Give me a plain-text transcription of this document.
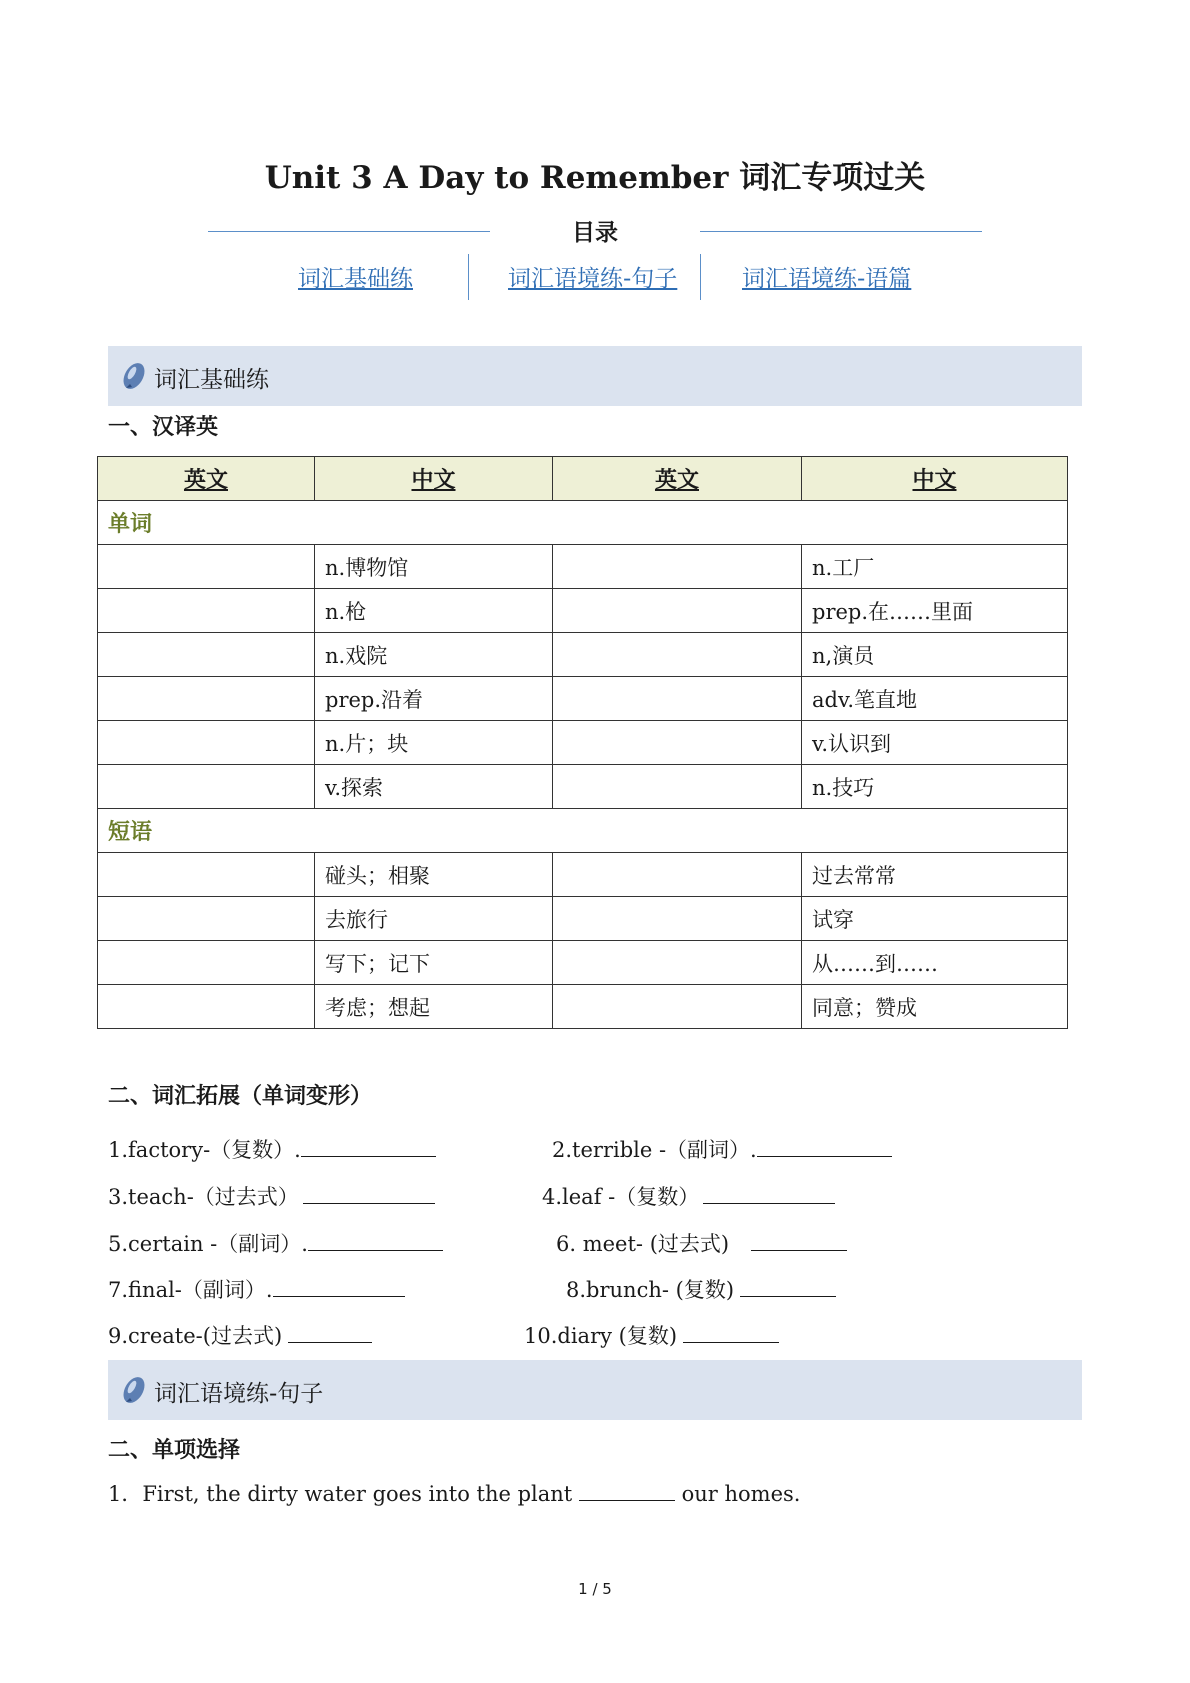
Unit 3 A Day to Remember 词汇专项过关
目录
词汇基础练	词汇语境练-句子	词汇语境练-语篇
词汇基础练
一、汉译英
英文	中文	英文	中文
单词			
	n.博物馆		n.工厂
	n.枪		prep.在……里面
	n.戏院		n,演员
	prep.沿着		adv.笔直地
	n.片；块		v.认识到
	v.探索		n.技巧
短语			
	碰头；相聚		过去常常
	去旅行		试穿
	写下；记下		从……到……
	考虑；想起		同意；赞成
二、词汇拓展（单词变形）
1.factory-（复数）.	2.terrible -（副词）.
3.teach-（过去式）	4.leaf -（复数）
5.certain -（副词）.	6. meet- (过去式)
7.final-（副词）.	8.brunch- (复数)
9.create-(过去式)	10.diary (复数)
词汇语境练-句子
二、单项选择
1．First, the dirty water goes into the plant	our homes.
1 / 5
